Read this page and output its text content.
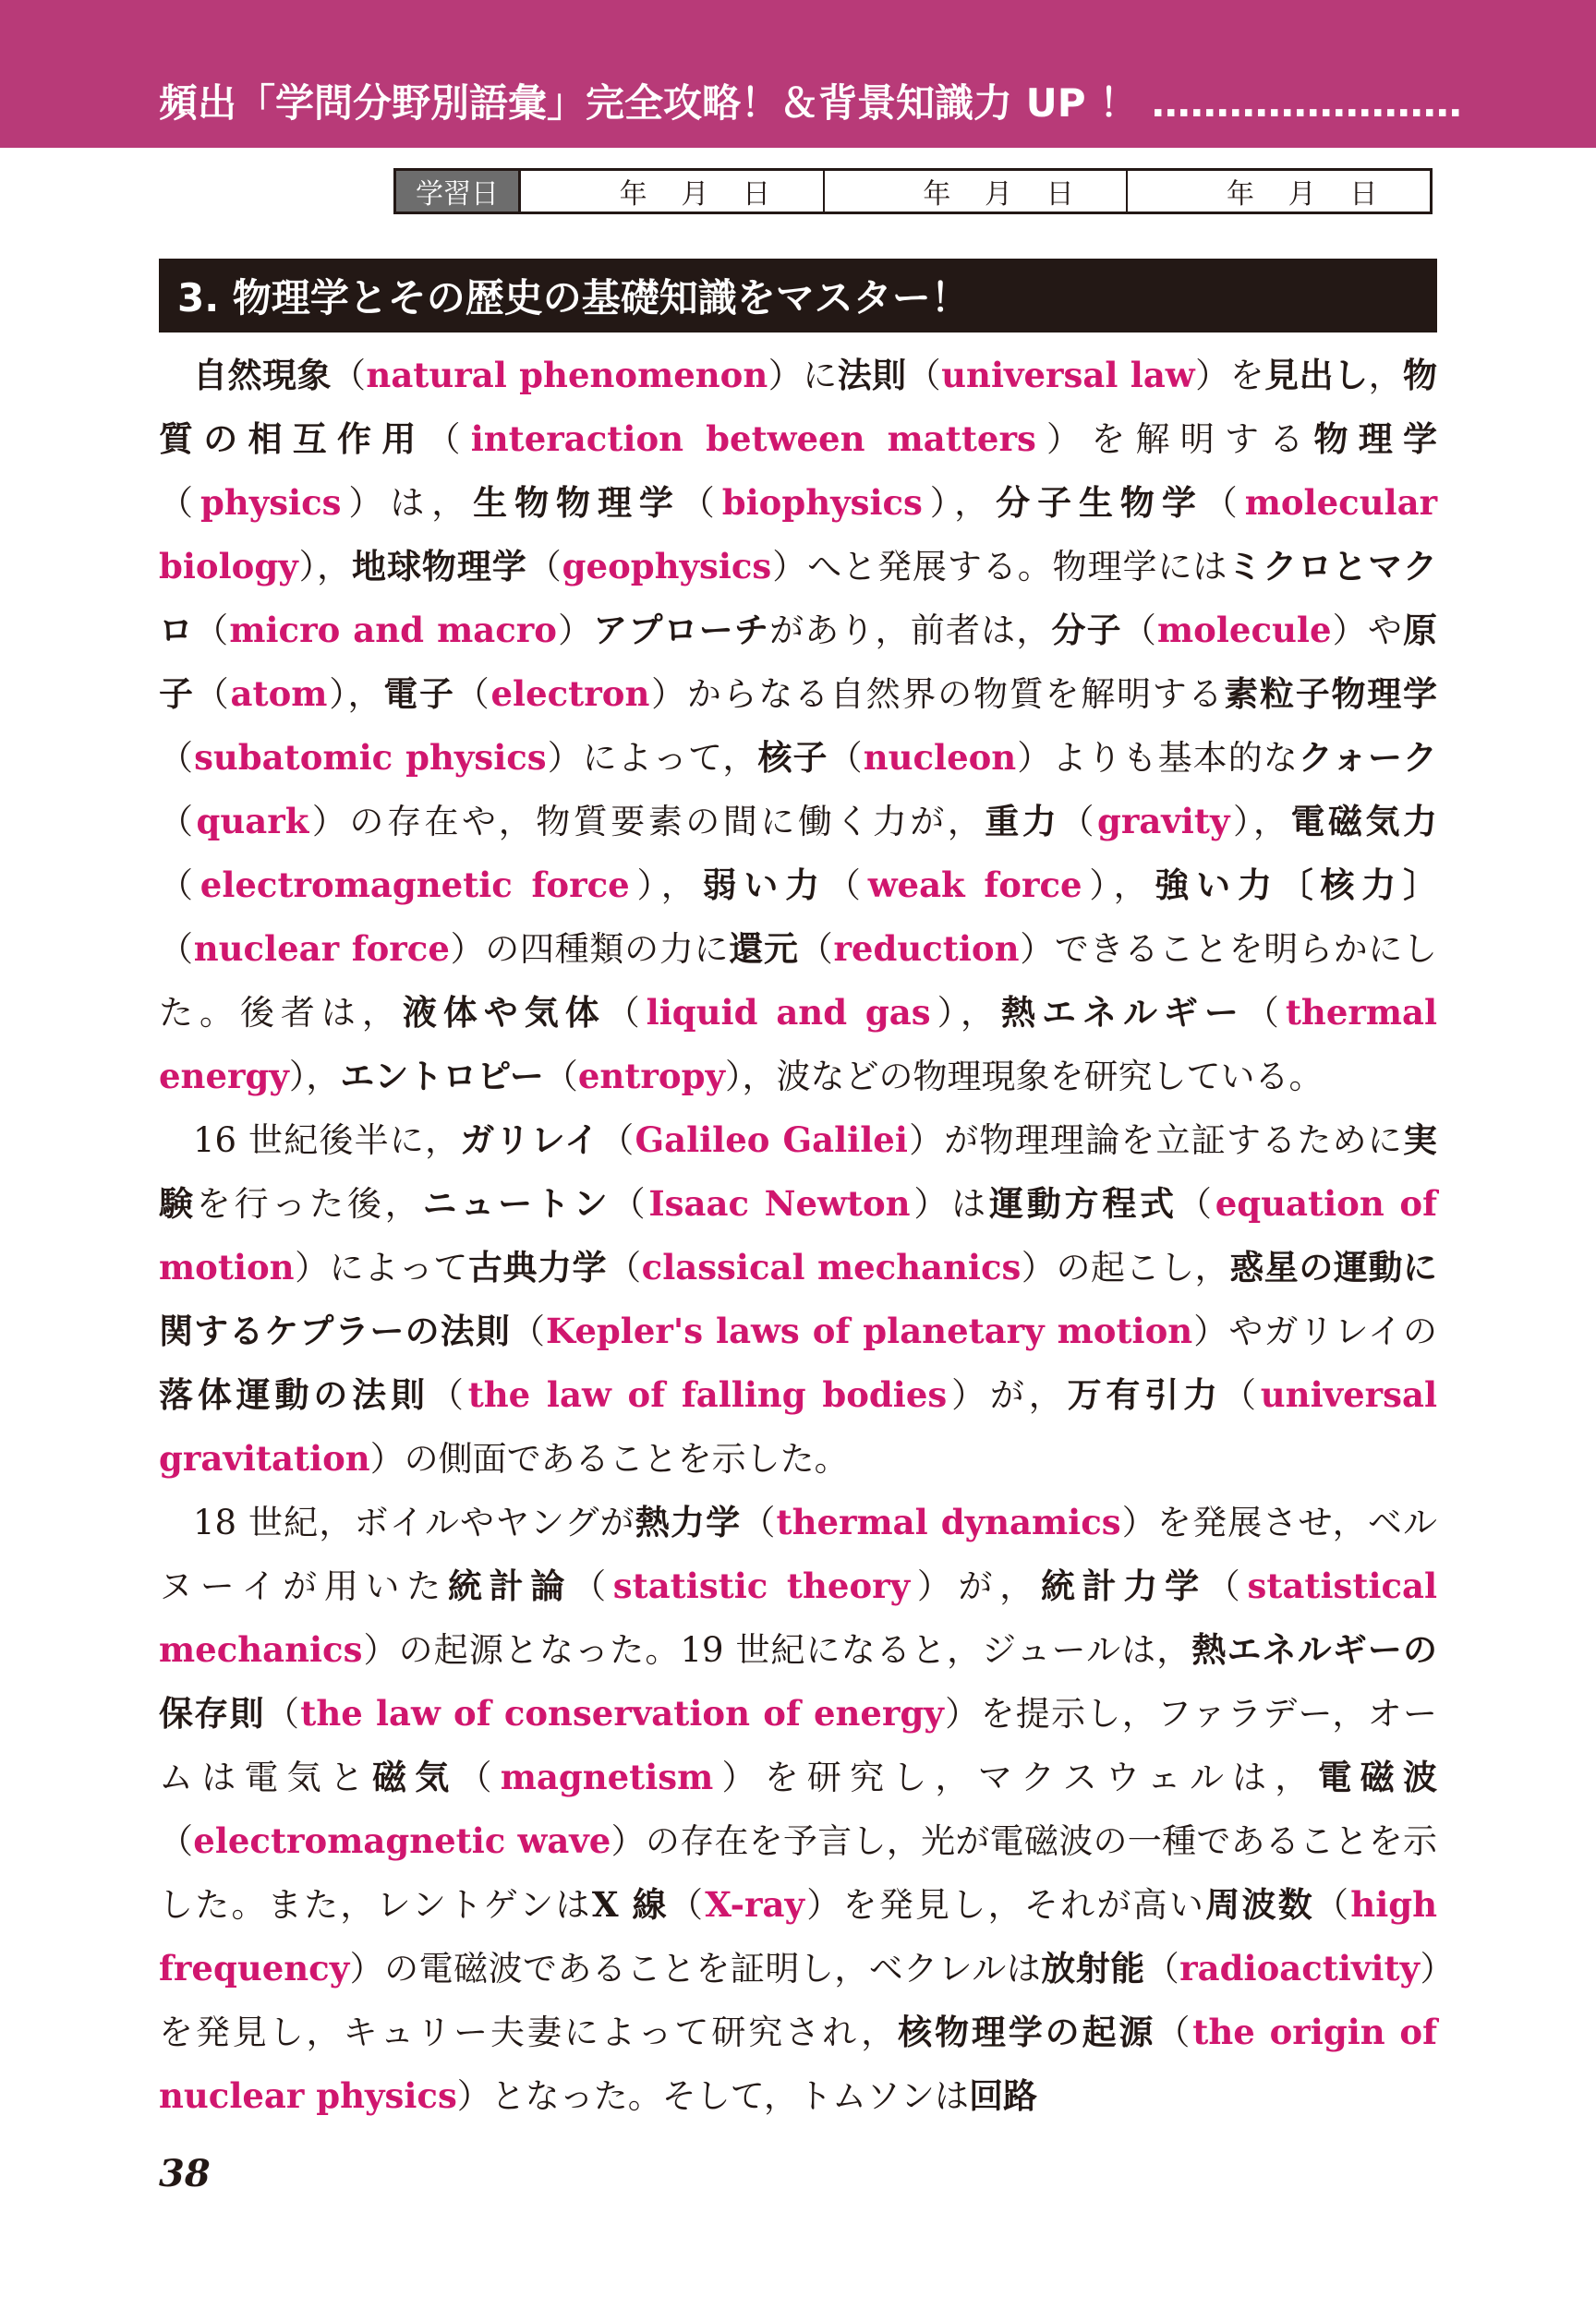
頻出「学問分野別語彙」完全攻略！＆背景知識力 UP ！ ……………………
学習日	年 月 日	年 月 日	年 月 日
3. 物理学とその歴史の基礎知識をマスター！

自然現象（natural phenomenon）に法則（universal law）を見出し，物質の相互作用（interaction between matters）を解明する物理学（physics）は，生物物理学（biophysics），分子生物学（molecular biology），地球物理学（geophysics）へと発展する。物理学にはミクロとマクロ（micro and macro）アプローチがあり，前者は，分子（molecule）や原子（atom），電子（electron）からなる自然界の物質を解明する素粒子物理学（subatomic physics）によって，核子（nucleon）よりも基本的なクォーク（quark）の存在や，物質要素の間に働く力が，重力（gravity），電磁気力（electromagnetic force），弱い力（weak force），強い力〔核力〕（nuclear force）の四種類の力に還元（reduction）できることを明らかにした。後者は，液体や気体（liquid and gas），熱エネルギー（thermal energy），エントロピー（entropy），波などの物理現象を研究している。

16 世紀後半に，ガリレイ（Galileo Galilei）が物理理論を立証するために実験を行った後，ニュートン（Isaac Newton）は運動方程式（equation of motion）によって古典力学（classical mechanics）の起こし，惑星の運動に関するケプラーの法則（Kepler's laws of planetary motion）やガリレイの落体運動の法則（the law of falling bodies）が，万有引力（universal gravitation）の側面であることを示した。

18 世紀，ボイルやヤングが熱力学（thermal dynamics）を発展させ，ベルヌーイが用いた統計論（statistic theory）が，統計力学（statistical mechanics）の起源となった。19 世紀になると，ジュールは，熱エネルギーの保存則（the law of conservation of energy）を提示し，ファラデー，オームは電気と磁気（magnetism）を研究し，マクスウェルは，電磁波（electromagnetic wave）の存在を予言し，光が電磁波の一種であることを示した。また，レントゲンはX 線（X-ray）を発見し，それが高い周波数（high frequency）の電磁波であることを証明し，ベクレルは放射能（radioactivity）を発見し，キュリー夫妻によって研究され，核物理学の起源（the origin of nuclear physics）となった。そして，トムソンは回路

38
